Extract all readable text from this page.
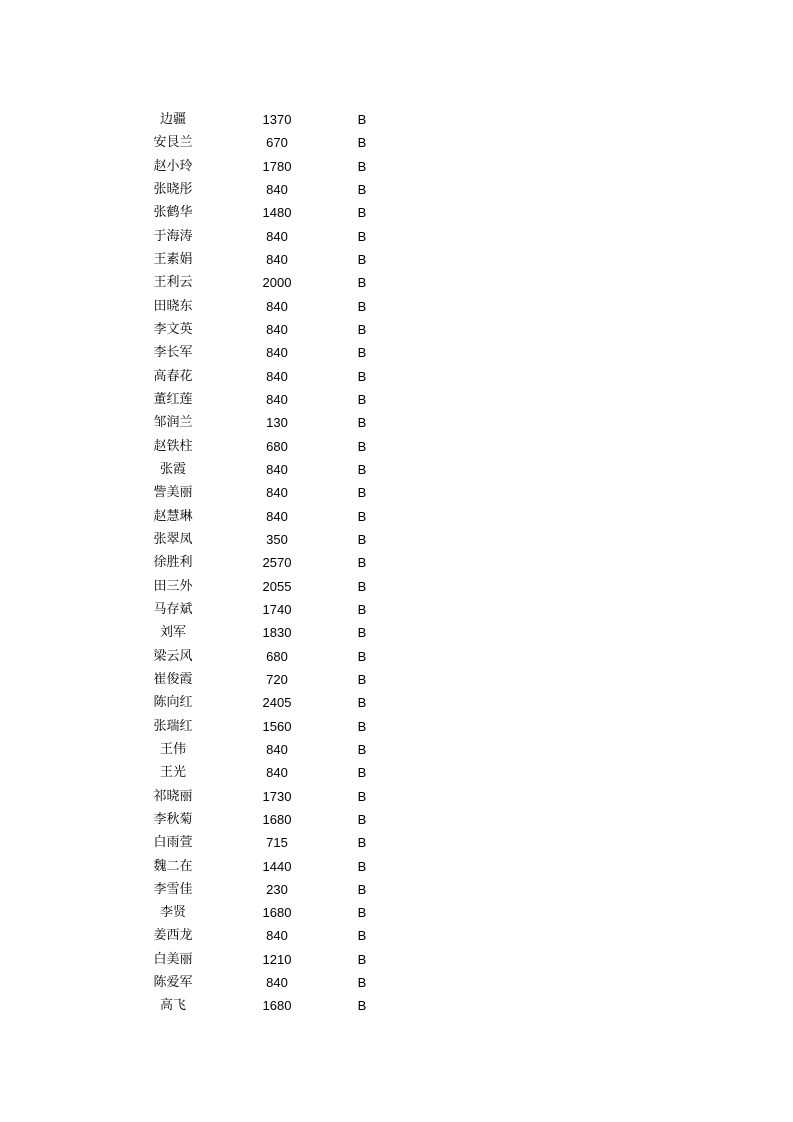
边疆	1370	B
安艮兰	670	B
赵小玲	1780	B
张晓彤	840	B
张鹤华	1480	B
于海涛	840	B
王素娟	840	B
王利云	2000	B
田晓东	840	B
李文英	840	B
李长军	840	B
高春花	840	B
董红莲	840	B
邹润兰	130	B
赵铁柱	680	B
张霞	840	B
訾美丽	840	B
赵慧琳	840	B
张翠凤	350	B
徐胜利	2570	B
田三外	2055	B
马存斌	1740	B
刘军	1830	B
梁云风	680	B
崔俊霞	720	B
陈向红	2405	B
张瑞红	1560	B
王伟	840	B
王光	840	B
祁晓丽	1730	B
李秋菊	1680	B
白雨萱	715	B
魏二在	1440	B
李雪佳	230	B
李贤	1680	B
姜西龙	840	B
白美丽	1210	B
陈爱军	840	B
高飞	1680	B
